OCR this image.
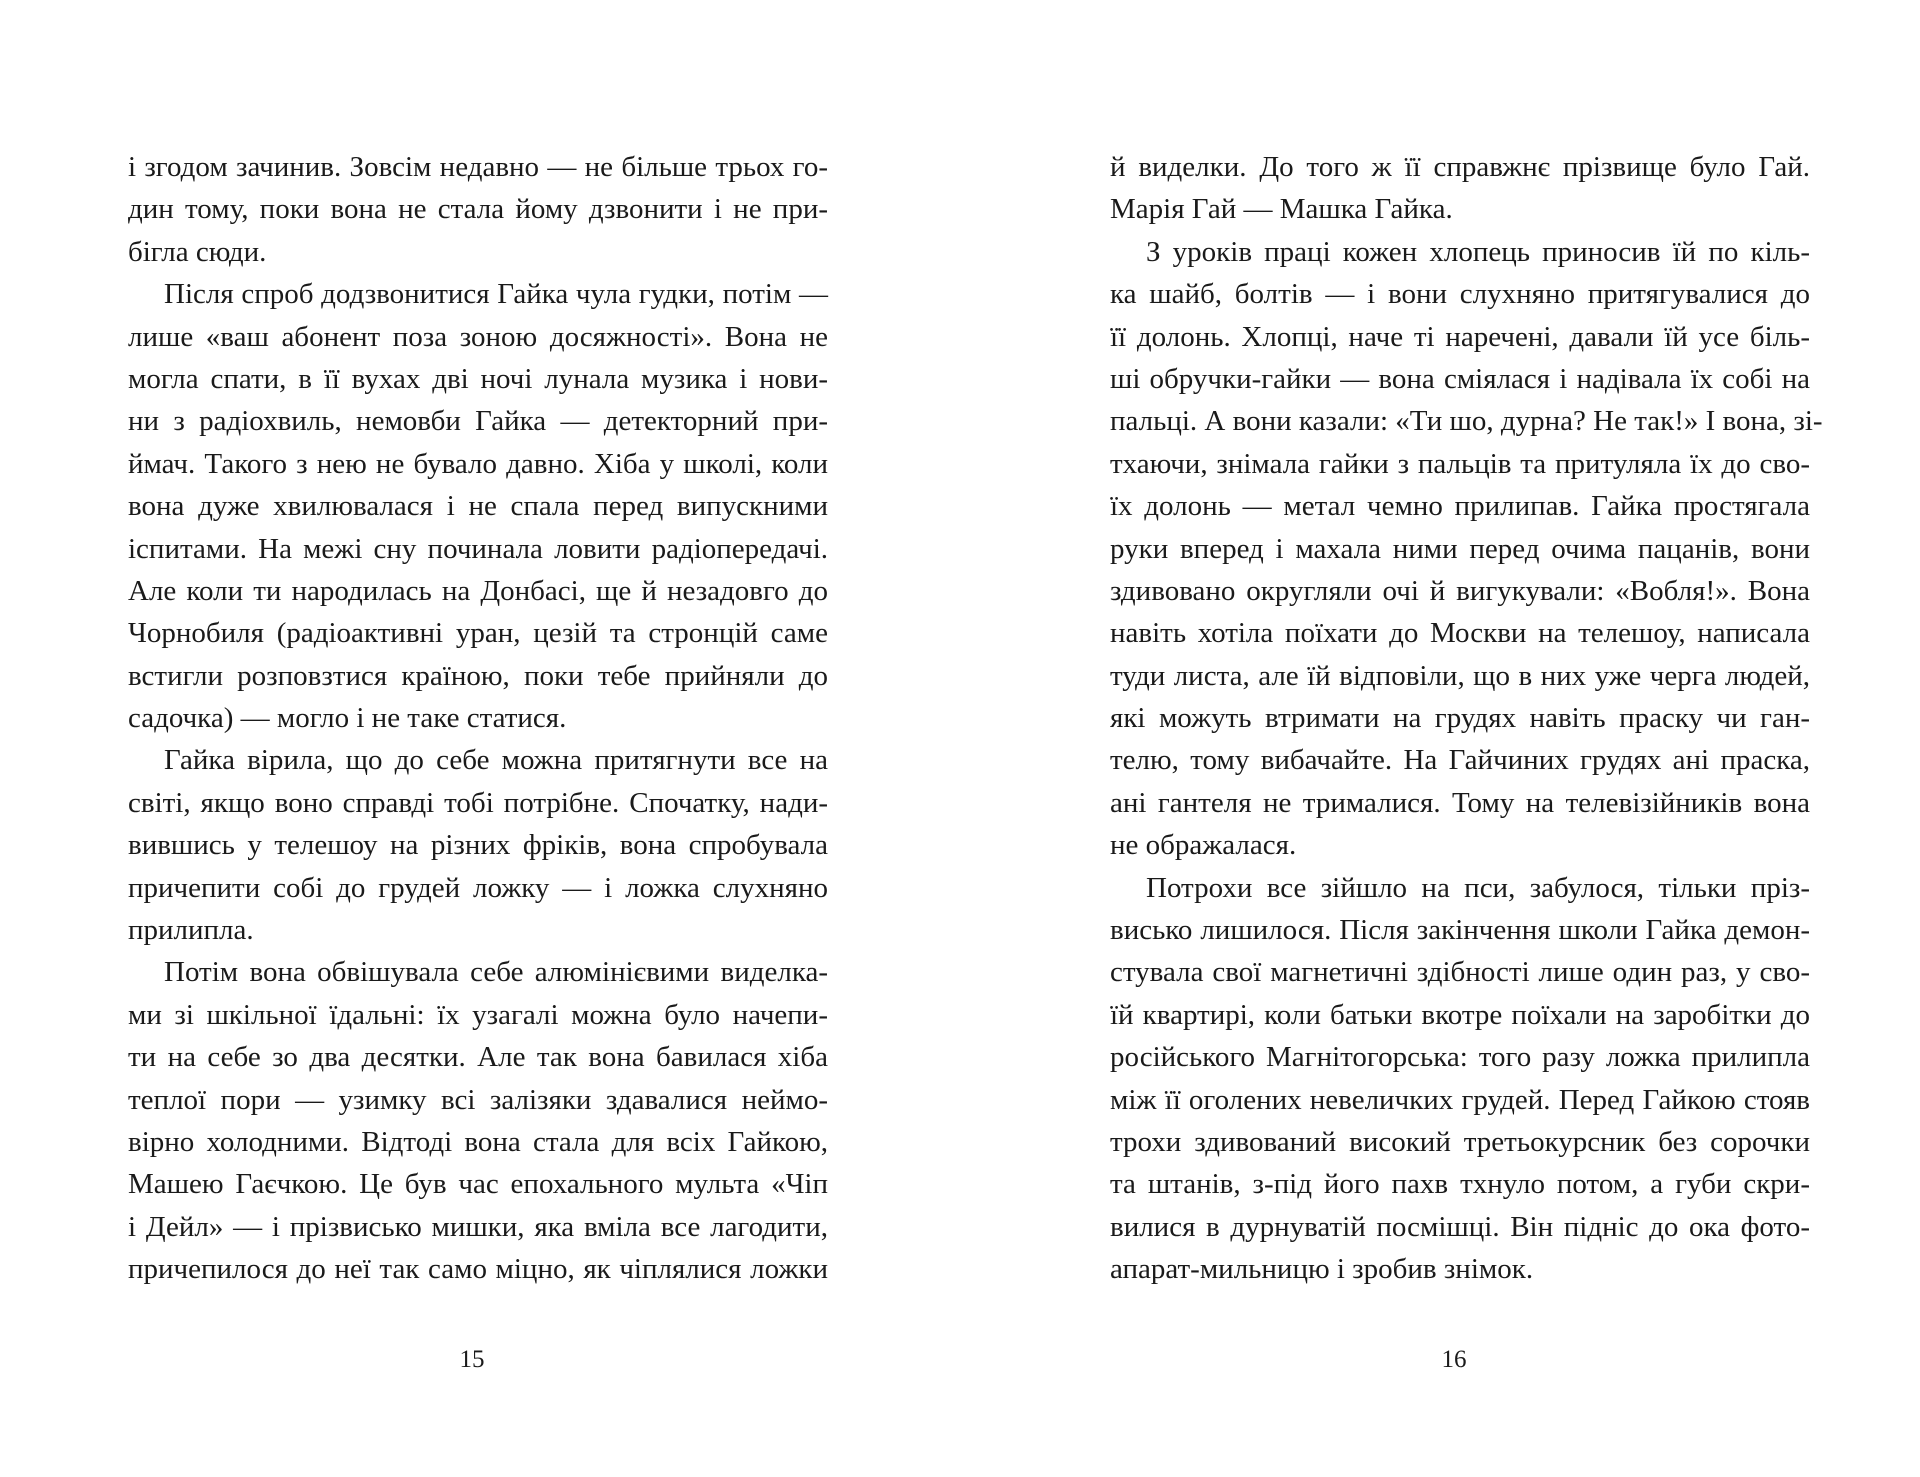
і згодом зачинив. Зовсім недавно — не більше трьох го-
дин тому, поки вона не стала йому дзвонити і не при-
бігла сюди.
Після спроб додзвонитися Гайка чула гудки, потім —
лише «ваш абонент поза зоною досяжності». Вона не
могла спати, в її вухах дві ночі лунала музика і нови-
ни з радіохвиль, немовби Гайка — детекторний при-
ймач. Такого з нею не бувало давно. Хіба у школі, коли
вона дуже хвилювалася і не спала перед випускними
іспитами. На межі сну починала ловити радіопередачі.
Але коли ти народилась на Донбасі, ще й незадовго до
Чорнобиля (радіоактивні уран, цезій та стронцій саме
встигли розповзтися країною, поки тебе прийняли до
садочка) — могло і не таке статися.
Гайка вірила, що до себе можна притягнути все на
світі, якщо воно справді тобі потрібне. Спочатку, нади-
вившись у телешоу на різних фріків, вона спробувала
причепити собі до грудей ложку — і ложка слухняно
прилипла.
Потім вона обвішувала себе алюмінієвими виделка-
ми зі шкільної їдальні: їх узагалі можна було начепи-
ти на себе зо два десятки. Але так вона бавилася хіба
теплої пори — узимку всі залізяки здавалися неймо-
вірно холодними. Відтоді вона стала для всіх Гайкою,
Машею Гаєчкою. Це був час епохального мульта «Чіп
і Дейл» — і прізвисько мишки, яка вміла все лагодити,
причепилося до неї так само міцно, як чіплялися ложки
15
й виделки. До того ж її справжнє прізвище було Гай.
Марія Гай — Машка Гайка.
З уроків праці кожен хлопець приносив їй по кіль-
ка шайб, болтів — і вони слухняно притягувалися до
її долонь. Хлопці, наче ті наречені, давали їй усе біль-
ші обручки-гайки — вона сміялася і надівала їх собі на
пальці. А вони казали: «Ти шо, дурна? Не так!» І вона, зі-
тхаючи, знімала гайки з пальців та притуляла їх до сво-
їх долонь — метал чемно прилипав. Гайка простягала
руки вперед і махала ними перед очима пацанів, вони
здивовано округляли очі й вигукували: «Вобля!». Вона
навіть хотіла поїхати до Москви на телешоу, написала
туди листа, але їй відповіли, що в них уже черга людей,
які можуть втримати на грудях навіть праску чи ган-
телю, тому вибачайте. На Гайчиних грудях ані праска,
ані гантеля не трималися. Тому на телевізійників вона
не ображалася.
Потрохи все зійшло на пси, забулося, тільки пріз-
висько лишилося. Після закінчення школи Гайка демон-
стувала свої магнетичні здібності лише один раз, у сво-
їй квартирі, коли батьки вкотре поїхали на заробітки до
російського Магнітогорська: того разу ложка прилипла
між її оголених невеличких грудей. Перед Гайкою стояв
трохи здивований високий третьокурсник без сорочки
та штанів, з-під його пахв тхнуло потом, а губи скри-
вилися в дурнуватій посмішці. Він підніс до ока фото-
апарат-мильницю і зробив знімок.
16
